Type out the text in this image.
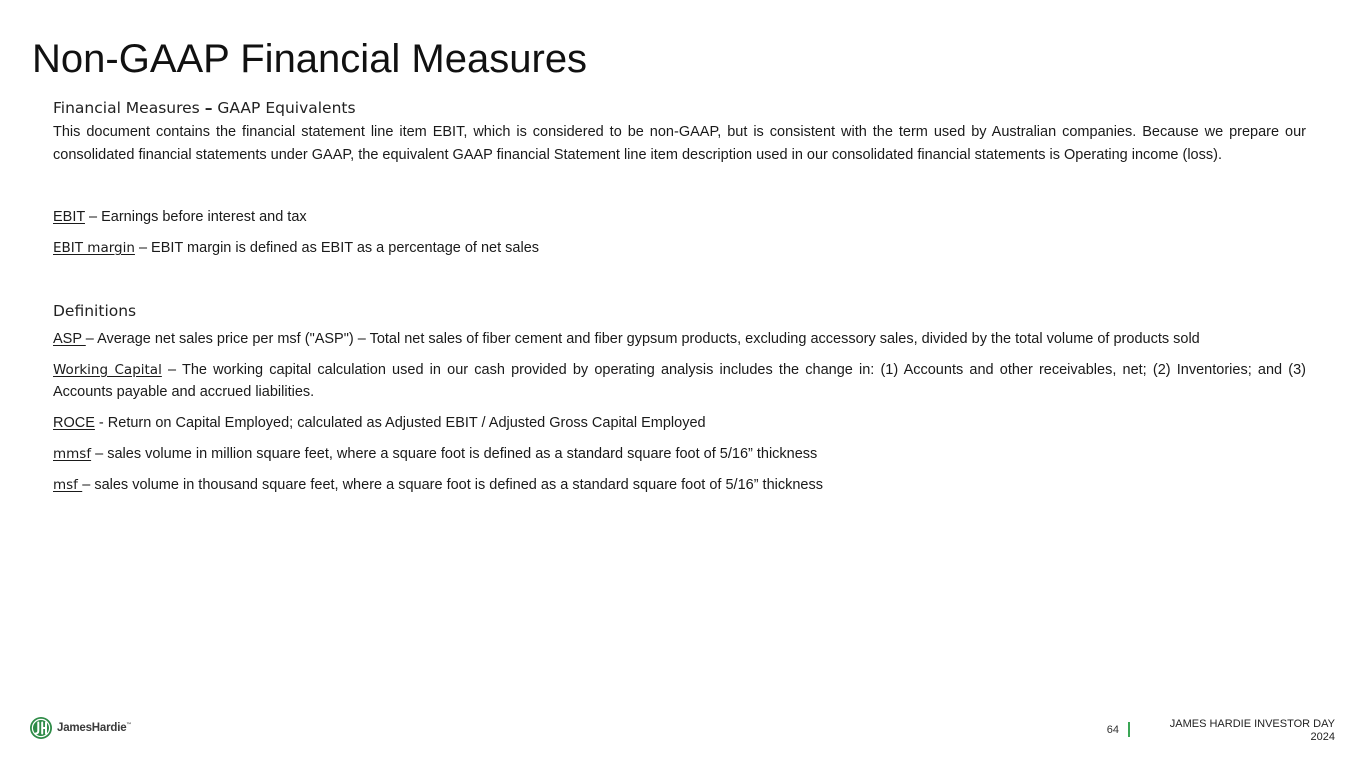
Non-GAAP Financial Measures
Financial Measures – GAAP Equivalents

This document contains the financial statement line item EBIT, which is considered to be non-GAAP, but is consistent with the term used by Australian companies. Because we prepare our consolidated financial statements under GAAP, the equivalent GAAP financial Statement line item description used in our consolidated financial statements is Operating income (loss).

EBIT – Earnings before interest and tax

EBIT margin – EBIT margin is defined as EBIT as a percentage of net sales

Definitions

ASP – Average net sales price per msf ("ASP") – Total net sales of fiber cement and fiber gypsum products, excluding accessory sales, divided by the total volume of products sold

Working Capital – The working capital calculation used in our cash provided by operating analysis includes the change in: (1) Accounts and other receivables, net; (2) Inventories; and (3) Accounts payable and accrued liabilities.

ROCE - Return on Capital Employed; calculated as Adjusted EBIT / Adjusted Gross Capital Employed

mmsf – sales volume in million square feet, where a square foot is defined as a standard square foot of 5/16” thickness

msf – sales volume in thousand square feet, where a square foot is defined as a standard square foot of 5/16” thickness

JamesHardie™	64	JAMES HARDIE INVESTOR DAY
2024
